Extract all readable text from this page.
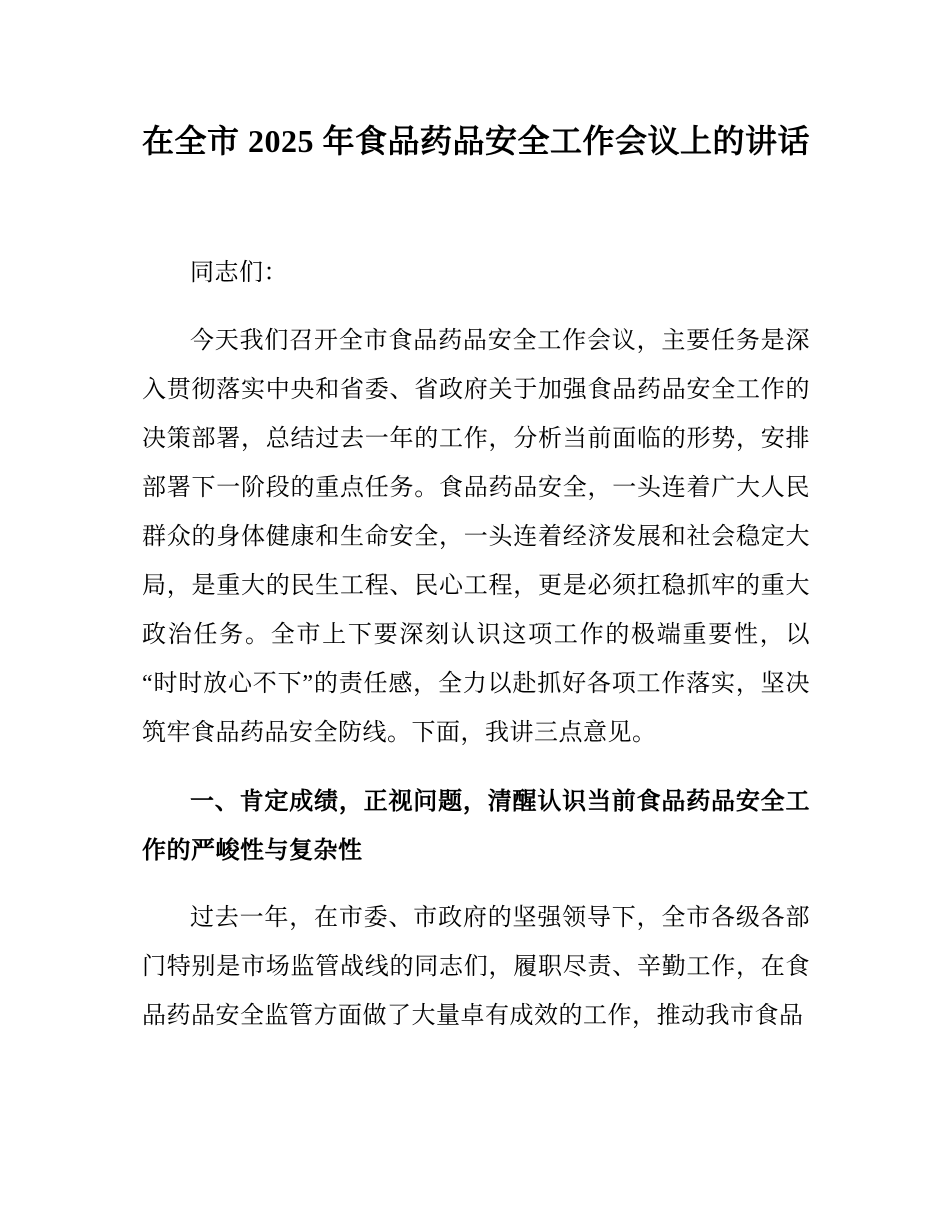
在全市 2025 年食品药品安全工作会议上的讲话

同志们：

今天我们召开全市食品药品安全工作会议，主要任务是深入贯彻落实中央和省委、省政府关于加强食品药品安全工作的决策部署，总结过去一年的工作，分析当前面临的形势，安排部署下一阶段的重点任务。食品药品安全，一头连着广大人民群众的身体健康和生命安全，一头连着经济发展和社会稳定大局，是重大的民生工程、民心工程，更是必须扛稳抓牢的重大政治任务。全市上下要深刻认识这项工作的极端重要性，以“时时放心不下”的责任感，全力以赴抓好各项工作落实，坚决筑牢食品药品安全防线。下面，我讲三点意见。

一、肯定成绩，正视问题，清醒认识当前食品药品安全工作的严峻性与复杂性

过去一年，在市委、市政府的坚强领导下，全市各级各部门特别是市场监管战线的同志们，履职尽责、辛勤工作，在食品药品安全监管方面做了大量卓有成效的工作，推动我市食品
